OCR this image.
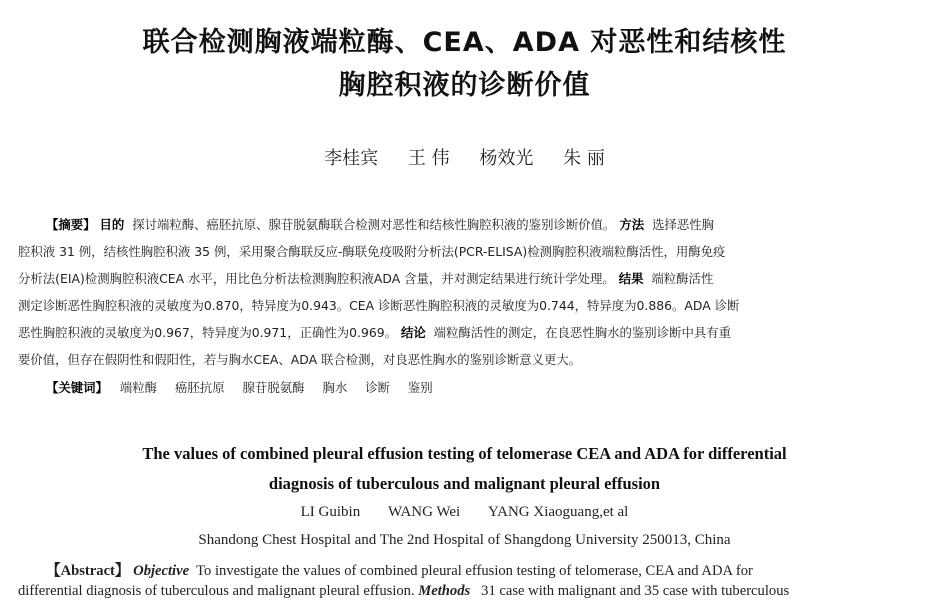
联合检测胸液端粒酶、CEA、ADA 对恶性和结核性
胸腔积液的诊断价值
李桂宾 王 伟 杨效光 朱 丽
【摘要】 目的 探讨端粒酶、癌胚抗原、腺苷脱氨酶联合检测对恶性和结核性胸腔积液的鉴别诊断价值。 方法 选择恶性胸
腔积液 31 例，结核性胸腔积液 35 例，采用聚合酶联反应-酶联免疫吸附分析法(PCR-ELISA)检测胸腔积液端粒酶活性，用酶免疫
分析法(EIA)检测胸腔积液CEA 水平，用比色分析法检测胸腔积液ADA 含量，并对测定结果进行统计学处理。 结果 端粒酶活性
测定诊断恶性胸腔积液的灵敏度为0.870，特异度为0.943。CEA 诊断恶性胸腔积液的灵敏度为0.744，特异度为0.886。ADA 诊断
恶性胸腔积液的灵敏度为0.967，特异度为0.971，正确性为0.969。 结论 端粒酶活性的测定，在良恶性胸水的鉴别诊断中具有重
要价值，但存在假阴性和假阳性，若与胸水CEA、ADA 联合检测，对良恶性胸水的鉴别诊断意义更大。
【关键词】 端粒酶 癌胚抗原 腺苷脱氨酶 胸水 诊断 鉴别
The values of combined pleural effusion testing of telomerase CEA and ADA for differential
diagnosis of tuberculous and malignant pleural effusion
LI Guibin WANG Wei YANG Xiaoguang,et al
Shandong Chest Hospital and The 2nd Hospital of Shangdong University 250013, China
【Abstract】 Objective To investigate the values of combined pleural effusion testing of telomerase, CEA and ADA for
differential diagnosis of tuberculous and malignant pleural effusion. Methods 31 case with malignant and 35 case with tuberculous
